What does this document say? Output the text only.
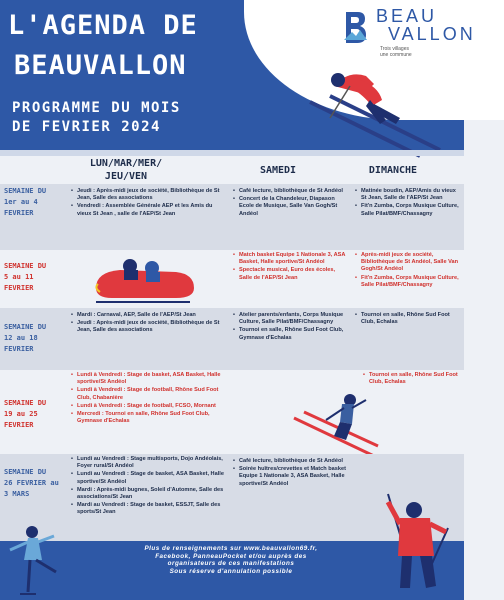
L'AGENDA DE
BEAUVALLON
PROGRAMME DU MOIS
DE FEVRIER 2024
BEAU
VALLON
Trois villages
une commune
LUN/MAR/MER/
JEU/VEN
SAMEDI	DIMANCHE
SEMAINE DU
1er au 4
FEVRIER
• Jeudi : Après-midi jeux de société, Bibliothèque de St Jean, Salle des associations
• Vendredi : Assemblée Générale AEP et les Amis du vieux St Jean , salle de l'AEP/St Jean
• Café lecture, bibliothèque de St Andéol
• Concert de la Chandeleur, Diapason Ecole de Musique, Salle Van Gogh/St Andéol
• Matinée boudin, AEP/Amis du vieux St Jean, Salle de l'AEP/St Jean
• Fit'n Zumba, Corps Musique Culture, Salle Pilat/BMF/Chassagny
SEMAINE DU
5 au 11
FEVRIER
• Match basket Equipe 1 Nationale 3, ASA Basket, Halle sportive/St Andéol
• Spectacle musical, Euro des écoles, Salle de l'AEP/St Jean
• Après-midi jeux de société, Bibliothèque de St Andéol, Salle Van Gogh/St Andéol
• Fit'n Zumba, Corps Musique Culture, Salle Pilat/BMF/Chassagny
SEMAINE DU
12 au 18
FEVRIER
• Mardi : Carnaval, AEP, Salle de l'AEP/St Jean
• Jeudi : Après-midi jeux de société, Bibliothèque de St Jean, Salle des associations
• Atelier parents/enfants, Corps Musique Culture, Salle Pilat/BMF/Chassagny
• Tournoi en salle, Rhône Sud Foot Club, Gymnase d'Echalas
• Tournoi en salle, Rhône Sud Foot Club, Echalas
SEMAINE DU
19 au 25
FEVRIER
• Lundi à Vendredi : Stage de basket, ASA Basket, Halle sportive/St Andéol
• Lundi à Vendredi : Stage de football, Rhône Sud Foot Club, Chabanière
• Lundi à Vendredi : Stage de football, FCSO, Mornant
• Mercredi : Tournoi en salle, Rhône Sud Foot Club, Gymnase d'Echalas
• Tournoi en salle, Rhône Sud Foot Club, Echalas
SEMAINE DU
26 FEVRIER au
3 MARS
• Lundi au Vendredi : Stage multisports, Dojo Andéolais, Foyer rural/St Andéol
• Lundi au Vendredi : Stage de basket, ASA Basket, Halle sportive/St Andéol
• Mardi : Après-midi bugnes, Soleil d'Automne, Salle des associations/St Jean
• Mardi au Vendredi : Stage de basket, ESSJT, Salle des sports/St Jean
• Café lecture, bibliothèque de St Andéol
• Soirée huîtres/crevettes et Match basket Equipe 1 Nationale 3, ASA Basket, Halle sportive/St Andéol
Plus de renseignements sur www.beauvallon69.fr,
Facebook, PanneauPocket et/ou auprès des
organisateurs de ces manifestations
Sous réserve d'annulation possible
